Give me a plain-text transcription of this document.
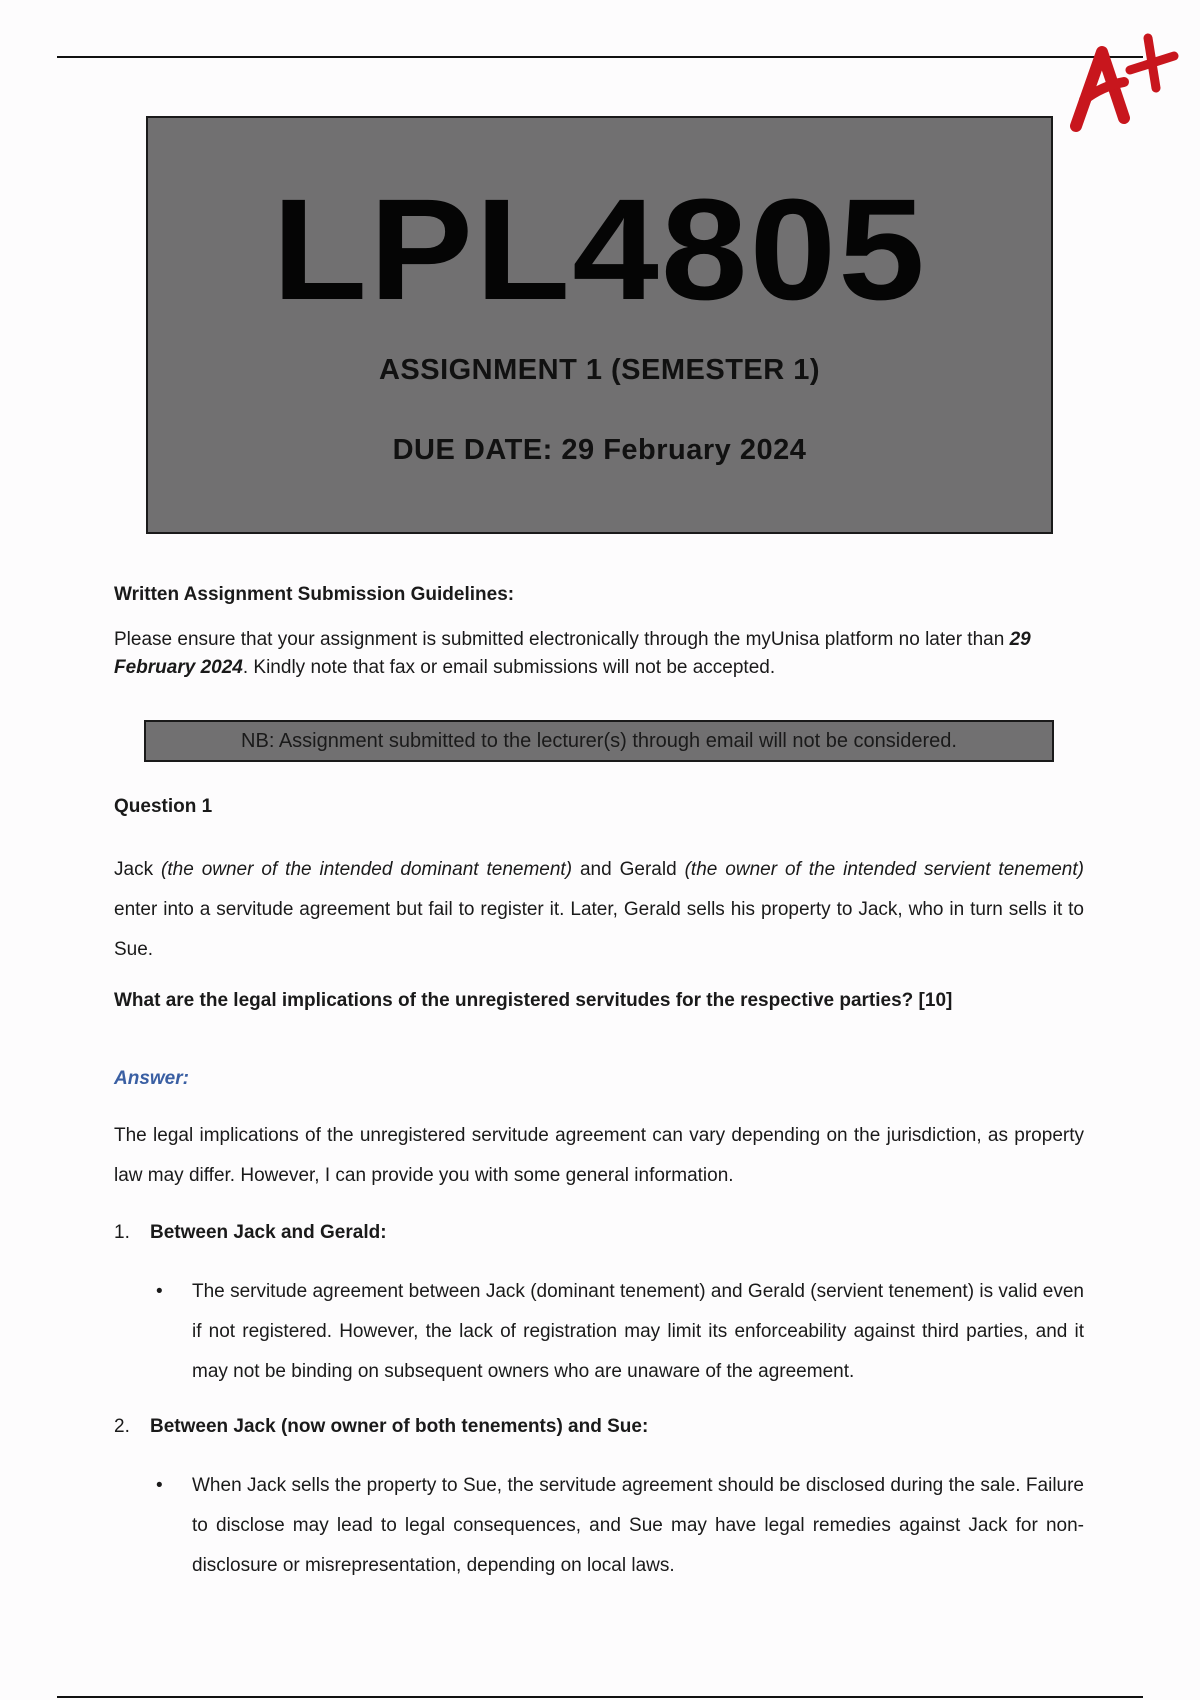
LPL4805
ASSIGNMENT 1 (SEMESTER 1)
DUE DATE: 29 February 2024
Written Assignment Submission Guidelines:
Please ensure that your assignment is submitted electronically through the myUnisa platform no later than 29 February 2024. Kindly note that fax or email submissions will not be accepted.
NB: Assignment submitted to the lecturer(s) through email will not be considered.
Question 1
Jack (the owner of the intended dominant tenement) and Gerald (the owner of the intended servient tenement) enter into a servitude agreement but fail to register it. Later, Gerald sells his property to Jack, who in turn sells it to Sue.
What are the legal implications of the unregistered servitudes for the respective parties? [10]
Answer:
The legal implications of the unregistered servitude agreement can vary depending on the jurisdiction, as property law may differ. However, I can provide you with some general information.
1. Between Jack and Gerald:
•	The servitude agreement between Jack (dominant tenement) and Gerald (servient tenement) is valid even if not registered. However, the lack of registration may limit its enforceability against third parties, and it may not be binding on subsequent owners who are unaware of the agreement.
2. Between Jack (now owner of both tenements) and Sue:
•	When Jack sells the property to Sue, the servitude agreement should be disclosed during the sale. Failure to disclose may lead to legal consequences, and Sue may have legal remedies against Jack for non-disclosure or misrepresentation, depending on local laws.
